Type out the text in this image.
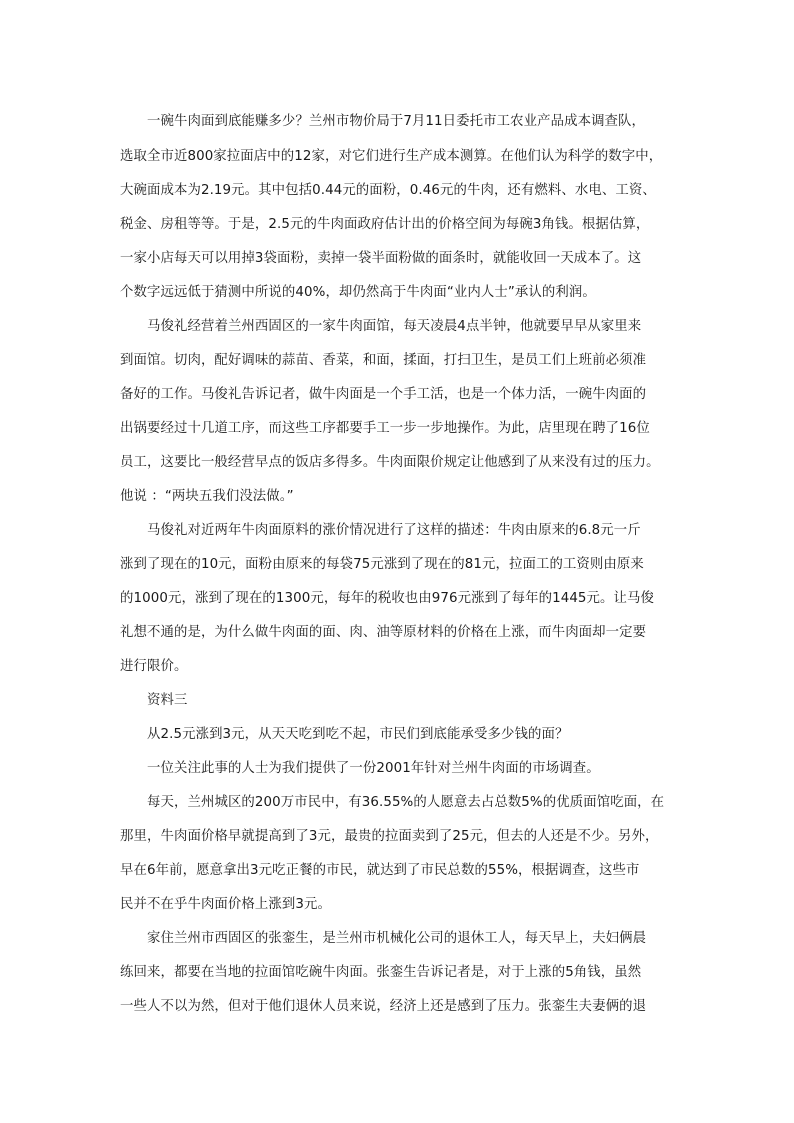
一碗牛肉面到底能赚多少？兰州市物价局于7月11日委托市工农业产品成本调查队，
选取全市近800家拉面店中的12家，对它们进行生产成本测算。在他们认为科学的数字中，
大碗面成本为2.19元。其中包括0.44元的面粉，0.46元的牛肉，还有燃料、水电、工资、
税金、房租等等。于是，2.5元的牛肉面政府估计出的价格空间为每碗3角钱。根据估算，
一家小店每天可以用掉3袋面粉，卖掉一袋半面粉做的面条时，就能收回一天成本了。这
个数字远远低于猜测中所说的40%，却仍然高于牛肉面“业内人士”承认的利润。
马俊礼经营着兰州西固区的一家牛肉面馆，每天凌晨4点半钟，他就要早早从家里来
到面馆。切肉，配好调味的蒜苗、香菜，和面，揉面，打扫卫生，是员工们上班前必须准
备好的工作。马俊礼告诉记者，做牛肉面是一个手工活，也是一个体力活，一碗牛肉面的
出锅要经过十几道工序，而这些工序都要手工一步一步地操作。为此，店里现在聘了16位
员工，这要比一般经营早点的饭店多得多。牛肉面限价规定让他感到了从来没有过的压力。
他说 ：“两块五我们没法做。”
马俊礼对近两年牛肉面原料的涨价情况进行了这样的描述：牛肉由原来的6.8元一斤
涨到了现在的10元，面粉由原来的每袋75元涨到了现在的81元，拉面工的工资则由原来
的1000元，涨到了现在的1300元，每年的税收也由976元涨到了每年的1445元。让马俊
礼想不通的是，为什么做牛肉面的面、肉、油等原材料的价格在上涨，而牛肉面却一定要
进行限价。
资料三
从2.5元涨到3元，从天天吃到吃不起，市民们到底能承受多少钱的面？
一位关注此事的人士为我们提供了一份2001年针对兰州牛肉面的市场调查。
每天，兰州城区的200万市民中，有36.55%的人愿意去占总数5%的优质面馆吃面，在
那里，牛肉面价格早就提高到了3元，最贵的拉面卖到了25元，但去的人还是不少。另外，
早在6年前，愿意拿出3元吃正餐的市民，就达到了市民总数的55%，根据调查，这些市
民并不在乎牛肉面价格上涨到3元。
家住兰州市西固区的张銮生，是兰州市机械化公司的退休工人，每天早上，夫妇俩晨
练回来，都要在当地的拉面馆吃碗牛肉面。张銮生告诉记者是，对于上涨的5角钱，虽然
一些人不以为然，但对于他们退休人员来说，经济上还是感到了压力。张銮生夫妻俩的退
